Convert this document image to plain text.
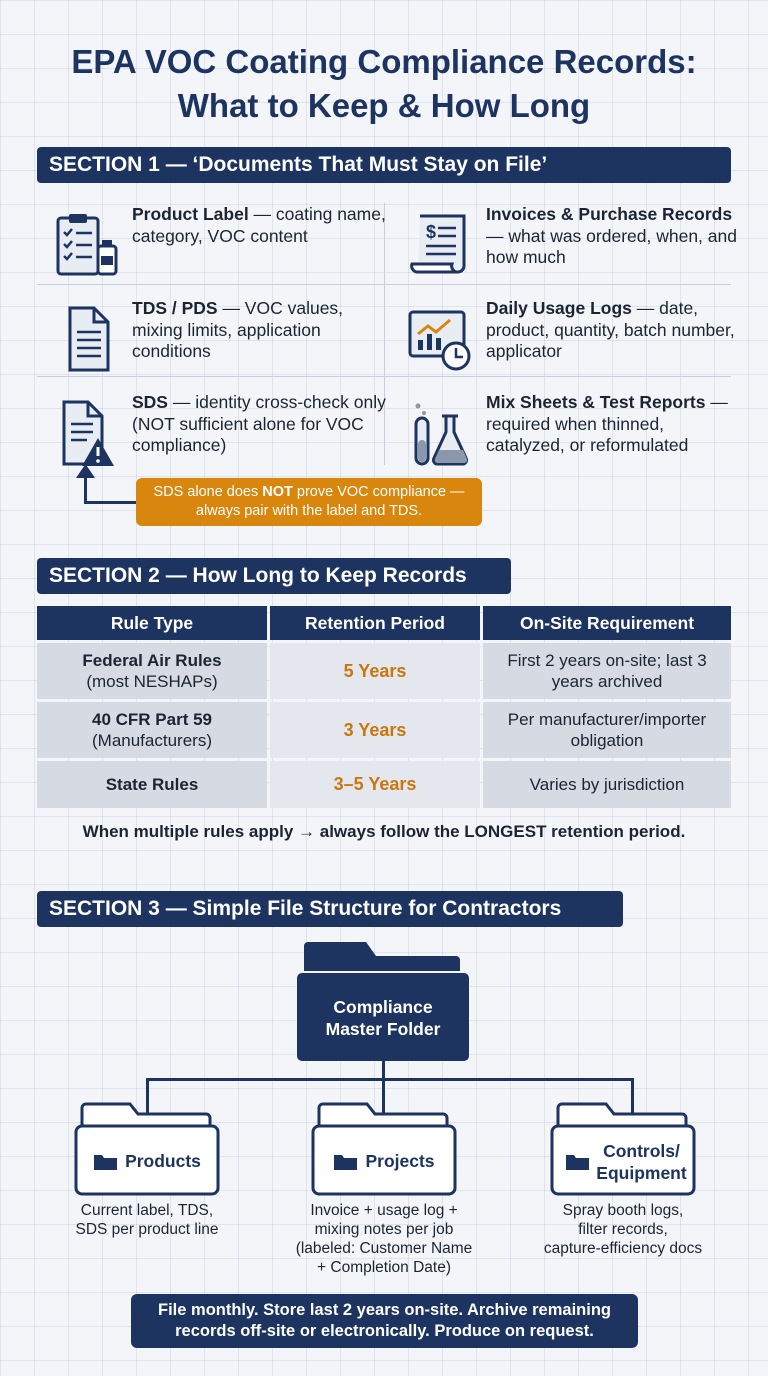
EPA VOC Coating Compliance Records:
What to Keep & How Long
SECTION 1 — ‘Documents That Must Stay on File’
Product Label — coating name, category, VOC content	$
Invoices & Purchase Records — what was ordered, when, and how much
TDS / PDS — VOC values, mixing limits, application conditions
Daily Usage Logs — date, product, quantity, batch number, applicator
SDS — identity cross-check only (NOT sufficient alone for VOC compliance)
Mix Sheets & Test Reports — required when thinned, catalyzed, or reformulated
SDS alone does NOT prove VOC compliance — always pair with the label and TDS.
SECTION 2 — How Long to Keep Records
Rule Type	Retention Period	On-Site Requirement
Federal Air Rules
(most NESHAPs)
5 Years	First 2 years on-site; last 3 years archived
40 CFR Part 59
(Manufacturers)
3 Years	Per manufacturer/importer obligation
State Rules	3–5 Years	Varies by jurisdiction
When multiple rules apply → always follow the LONGEST retention period.
SECTION 3 — Simple File Structure for Contractors
Compliance
Master Folder
Products
Current label, TDS,
SDS per product line
Projects
Invoice + usage log +
mixing notes per job
(labeled: Customer Name
+ Completion Date)
Controls/
Equipment
Spray booth logs,
filter records,
capture-efficiency docs
File monthly. Store last 2 years on-site. Archive remaining
records off-site or electronically. Produce on request.
